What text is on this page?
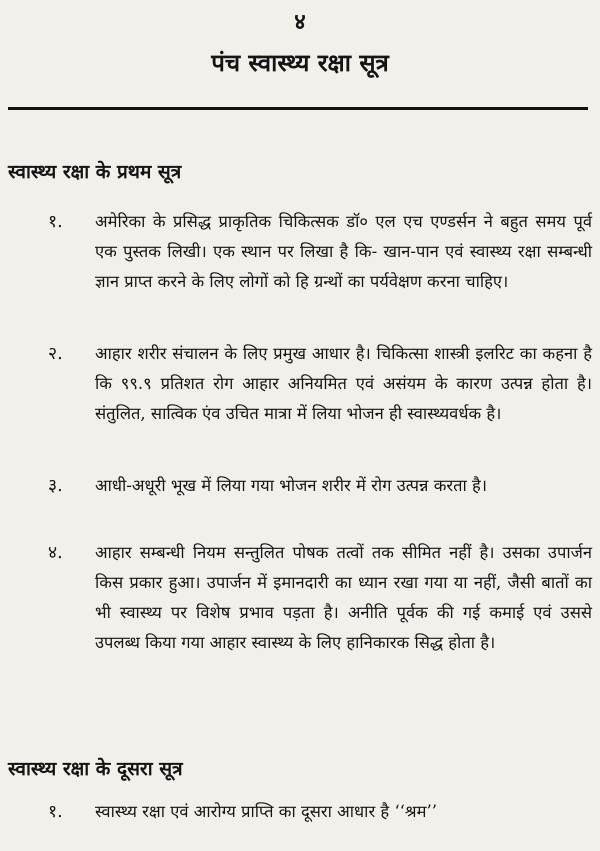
४
पंच स्वास्थ्य रक्षा सूत्र
स्वास्थ्य रक्षा के प्रथम सूत्र
१. अमेरिका के प्रसिद्ध प्राकृतिक चिकित्सक डॉ० एल एच एण्डर्सन ने बहुत समय पूर्व एक पुस्तक लिखी। एक स्थान पर लिखा है कि- खान-पान एवं स्वास्थ्य रक्षा सम्बन्धी ज्ञान प्राप्त करने के लिए लोगों को हि ग्रन्थों का पर्यवेक्षण करना चाहिए।
२. आहार शरीर संचालन के लिए प्रमुख आधार है। चिकित्सा शास्त्री इलरिट का कहना है कि ९९.९ प्रतिशत रोग आहार अनियमित एवं असंयम के कारण उत्पन्न होता है। संतुलित, सात्विक एंव उचित मात्रा में लिया भोजन ही स्वास्थ्यवर्धक है।
३. आधी-अधूरी भूख में लिया गया भोजन शरीर में रोग उत्पन्न करता है।
४. आहार सम्बन्धी नियम सन्तुलित पोषक तत्वों तक सीमित नहीं है। उसका उपार्जन किस प्रकार हुआ। उपार्जन में इमानदारी का ध्यान रखा गया या नहीं, जैसी बातों का भी स्वास्थ्य पर विशेष प्रभाव पड़ता है। अनीति पूर्वक की गई कमाई एवं उससे उपलब्ध किया गया आहार स्वास्थ्य के लिए हानिकारक सिद्ध होता है।
स्वास्थ्य रक्षा के दूसरा सूत्र
१. स्वास्थ्य रक्षा एवं आरोग्य प्राप्ति का दूसरा आधार है ‘‘श्रम’’
